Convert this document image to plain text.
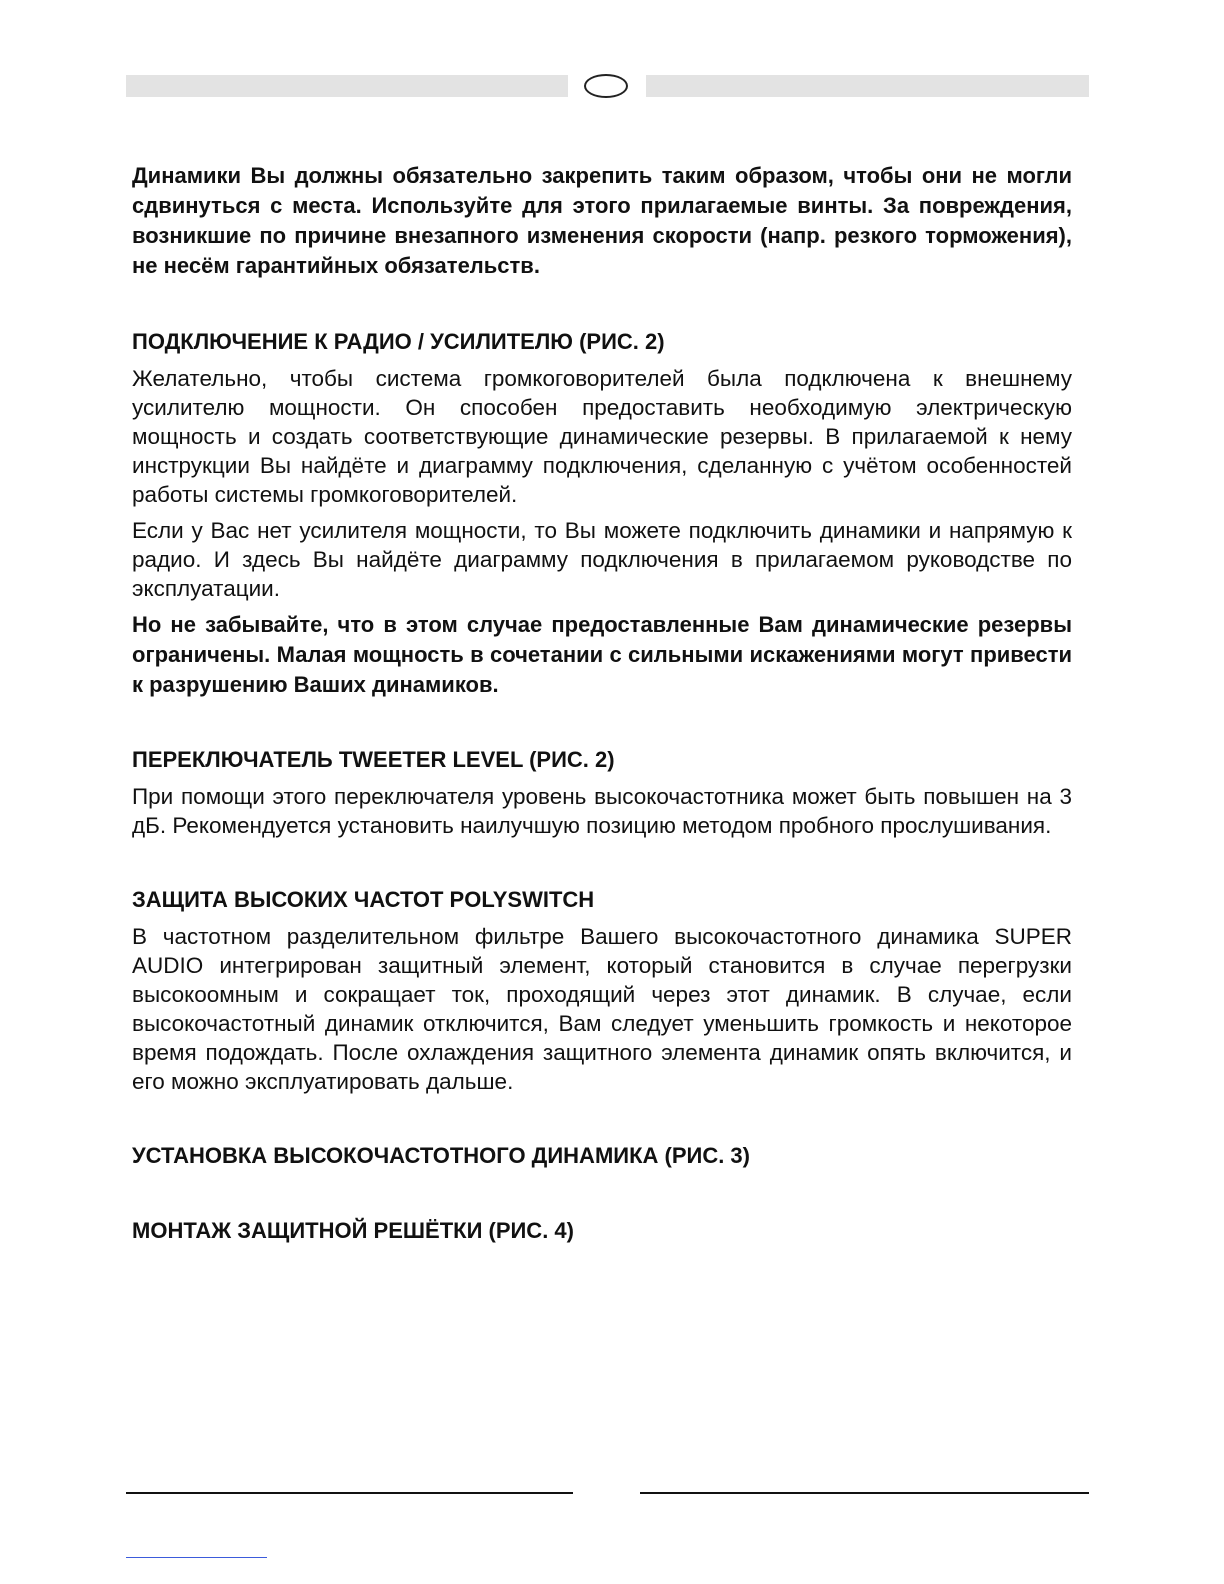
Динамики Вы должны обязательно закрепить таким образом, чтобы они не могли сдвинуться с места. Используйте для этого прилагаемые винты. За повреждения, возникшие по причине внезапного изменения скорости (напр. резкого торможения), не несём гарантийных обязательств.

ПОДКЛЮЧЕНИЕ К РАДИО / УСИЛИТЕЛЮ (РИС. 2)

Желательно, чтобы система громкоговорителей была подключена к внешнему усилителю мощности. Он способен предоставить необходимую электрическую мощность и создать соответствующие динамические резервы. В прилагаемой к нему инструкции Вы найдёте и диаграмму подключения, сделанную с учётом особенностей работы системы громкоговорителей.

Если у Вас нет усилителя мощности, то Вы можете подключить динамики и напрямую к радио. И здесь Вы найдёте диаграмму подключения в прилагаемом руководстве по эксплуатации.

Но не забывайте, что в этом случае предоставленные Вам динамические резервы ограничены. Малая мощность в сочетании с сильными искажениями могут привести к разрушению Ваших динамиков.

ПЕРЕКЛЮЧАТЕЛЬ TWEETER LEVEL (РИС. 2)

При помощи этого переключателя уровень высокочастотника может быть повышен на 3 дБ. Рекомендуется установить наилучшую позицию методом пробного прослушивания.

ЗАЩИТА ВЫСОКИХ ЧАСТОТ POLYSWITCH

В частотном разделительном фильтре Вашего высокочастотного динамика SUPER AUDIO интегрирован защитный элемент, который становится в случае перегрузки высокоомным и сокращает ток, проходящий через этот динамик. В случае, если высокочастотный динамик отключится, Вам следует уменьшить громкость и некоторое время подождать. После охлаждения защитного элемента динамик опять включится, и его можно эксплуатировать дальше.

УСТАНОВКА ВЫСОКОЧАСТОТНОГО ДИНАМИКА (РИС. 3)
МОНТАЖ ЗАЩИТНОЙ РЕШЁТКИ (РИС. 4)
